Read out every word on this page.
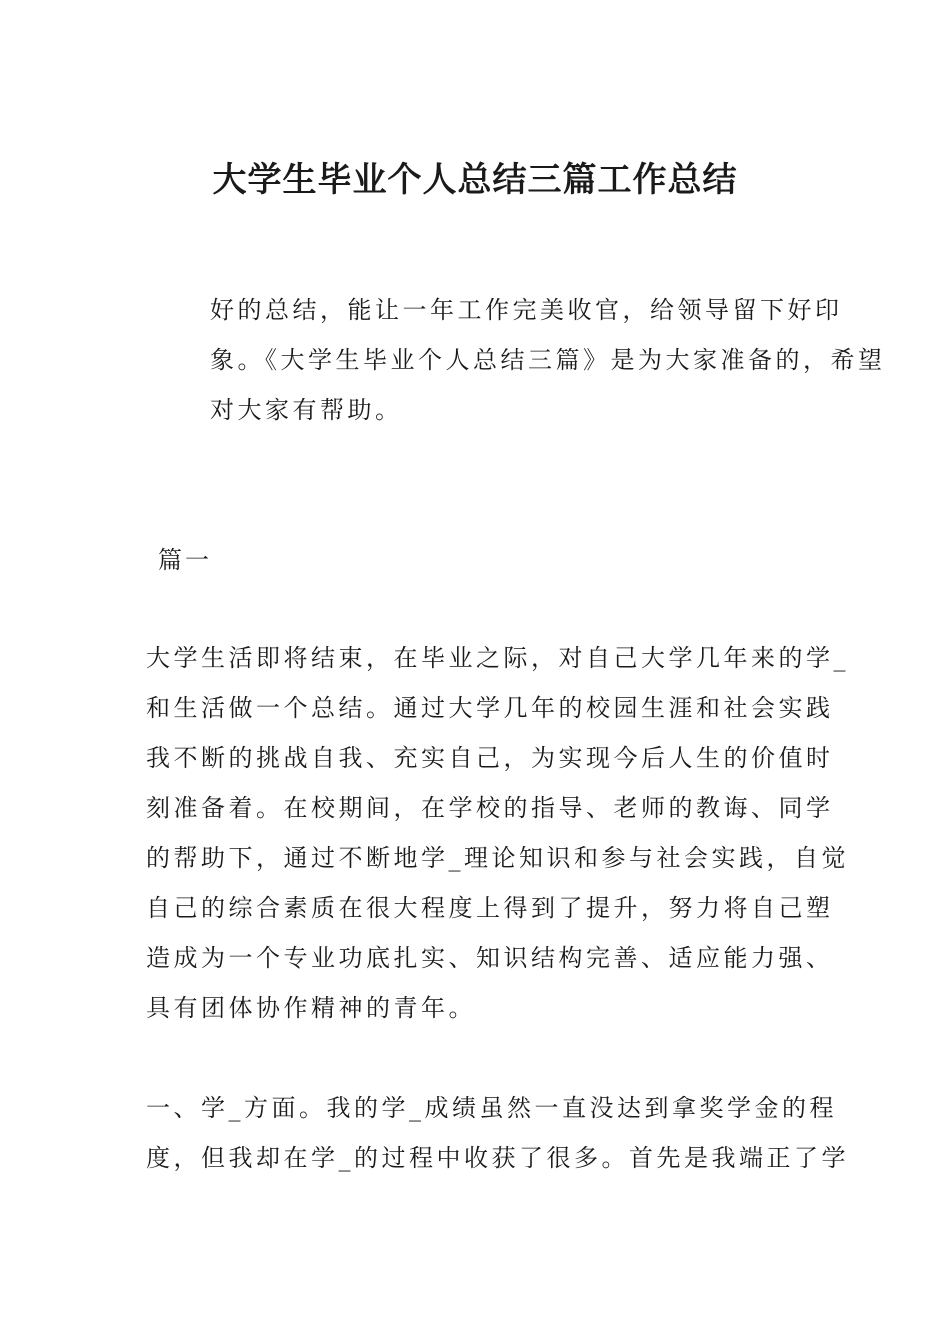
大学生毕业个人总结三篇工作总结

好的总结，能让一年工作完美收官，给领导留下好印
象。《大学生毕业个人总结三篇》是为大家准备的，希望
对大家有帮助。

篇一

大学生活即将结束，在毕业之际，对自己大学几年来的学_
和生活做一个总结。通过大学几年的校园生涯和社会实践
我不断的挑战自我、充实自己，为实现今后人生的价值时
刻准备着。在校期间，在学校的指导、老师的教诲、同学
的帮助下，通过不断地学_理论知识和参与社会实践，自觉
自己的综合素质在很大程度上得到了提升，努力将自己塑
造成为一个专业功底扎实、知识结构完善、适应能力强、
具有团体协作精神的青年。

一、学_方面。我的学_成绩虽然一直没达到拿奖学金的程
度，但我却在学_的过程中收获了很多。首先是我端正了学
